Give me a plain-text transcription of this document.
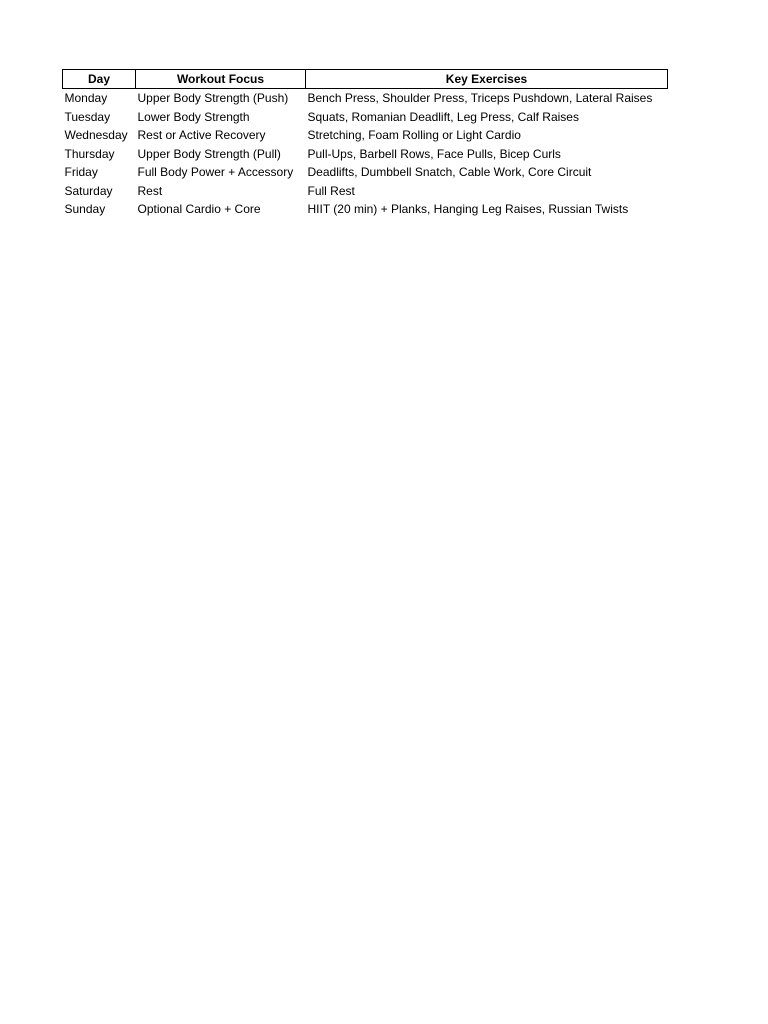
Day	Workout Focus	Key Exercises
Monday	Upper Body Strength (Push)	Bench Press, Shoulder Press, Triceps Pushdown, Lateral Raises
Tuesday	Lower Body Strength	Squats, Romanian Deadlift, Leg Press, Calf Raises
Wednesday	Rest or Active Recovery	Stretching, Foam Rolling or Light Cardio
Thursday	Upper Body Strength (Pull)	Pull-Ups, Barbell Rows, Face Pulls, Bicep Curls
Friday	Full Body Power + Accessory	Deadlifts, Dumbbell Snatch, Cable Work, Core Circuit
Saturday	Rest	Full Rest
Sunday	Optional Cardio + Core	HIIT (20 min) + Planks, Hanging Leg Raises, Russian Twists
